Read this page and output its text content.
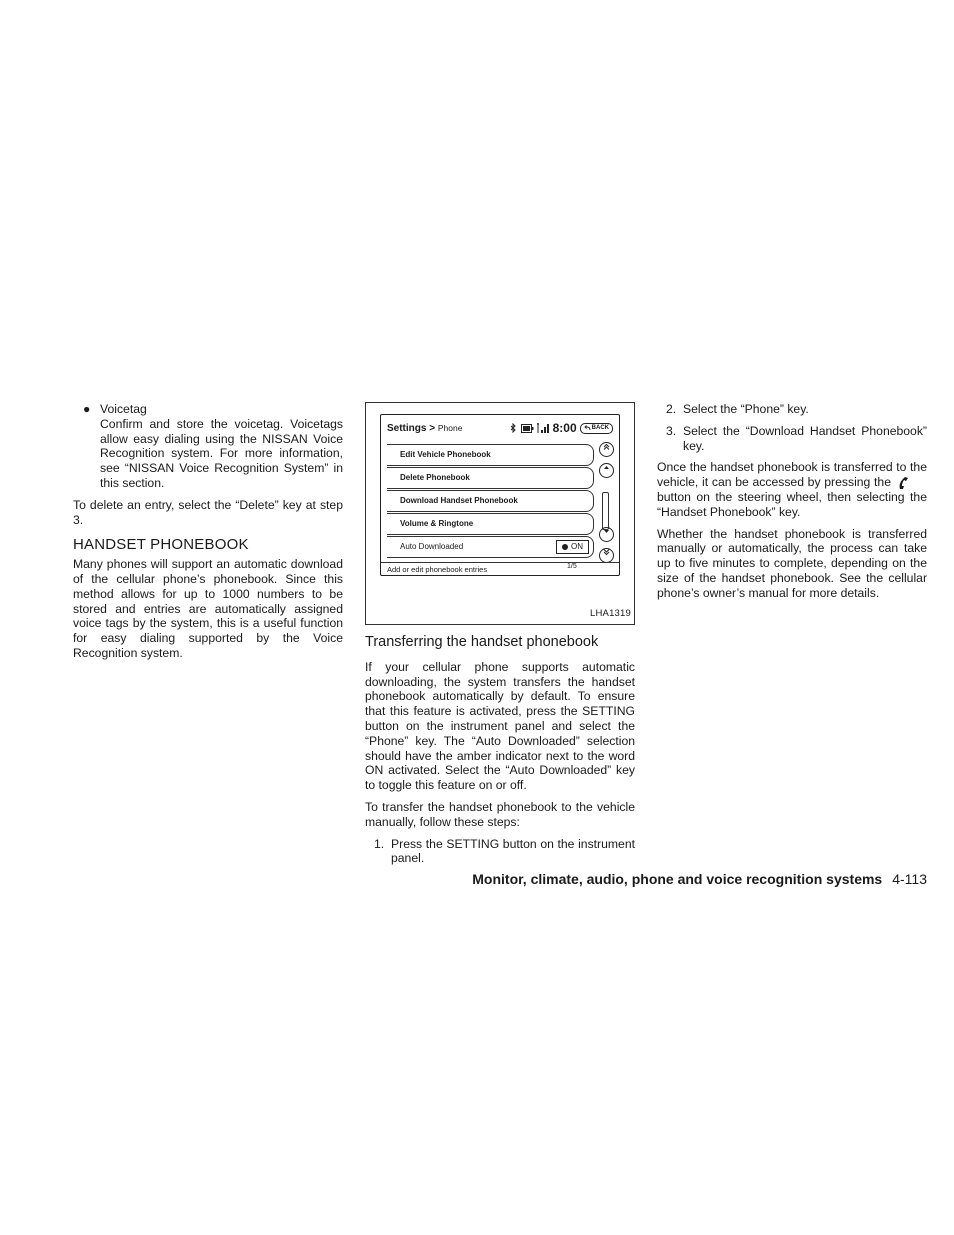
● Voicetag
Confirm and store the voicetag. Voicetags allow easy dialing using the NISSAN Voice Recognition system. For more information, see “NISSAN Voice Recognition System” in this section.

To delete an entry, select the “Delete” key at step 3.

HANDSET PHONEBOOK

Many phones will support an automatic download of the cellular phone’s phonebook. Since this method allows for up to 1000 numbers to be stored and entries are automatically assigned voice tags by the system, this is a useful function for easy dialing supported by the Voice Recognition system.

Settings > Phone	8:00	BACK
Edit Vehicle Phonebook
Delete Phonebook
Download Handset Phonebook
Volume & Ringtone
Auto Downloaded	ON
1/5
Add or edit phonebook entries
LHA1319
Transferring the handset phonebook

If your cellular phone supports automatic downloading, the system transfers the handset phonebook automatically by default. To ensure that this feature is activated, press the SETTING button on the instrument panel and select the “Phone” key. The “Auto Downloaded” selection should have the amber indicator next to the word ON activated. Select the “Auto Downloaded” key to toggle this feature on or off.

To transfer the handset phonebook to the vehicle manually, follow these steps:

1. Press the SETTING button on the instrument panel.
2. Select the “Phone” key.
3. Select the “Download Handset Phonebook” key.

Once the handset phonebook is transferred to the vehicle, it can be accessed by pressing thebutton on the steering wheel, then selecting the “Handset Phonebook” key.

Whether the handset phonebook is transferred manually or automatically, the process can take up to five minutes to complete, depending on the size of the handset phonebook. See the cellular phone’s owner’s manual for more details.

Monitor, climate, audio, phone and voice recognition systems 4-113
